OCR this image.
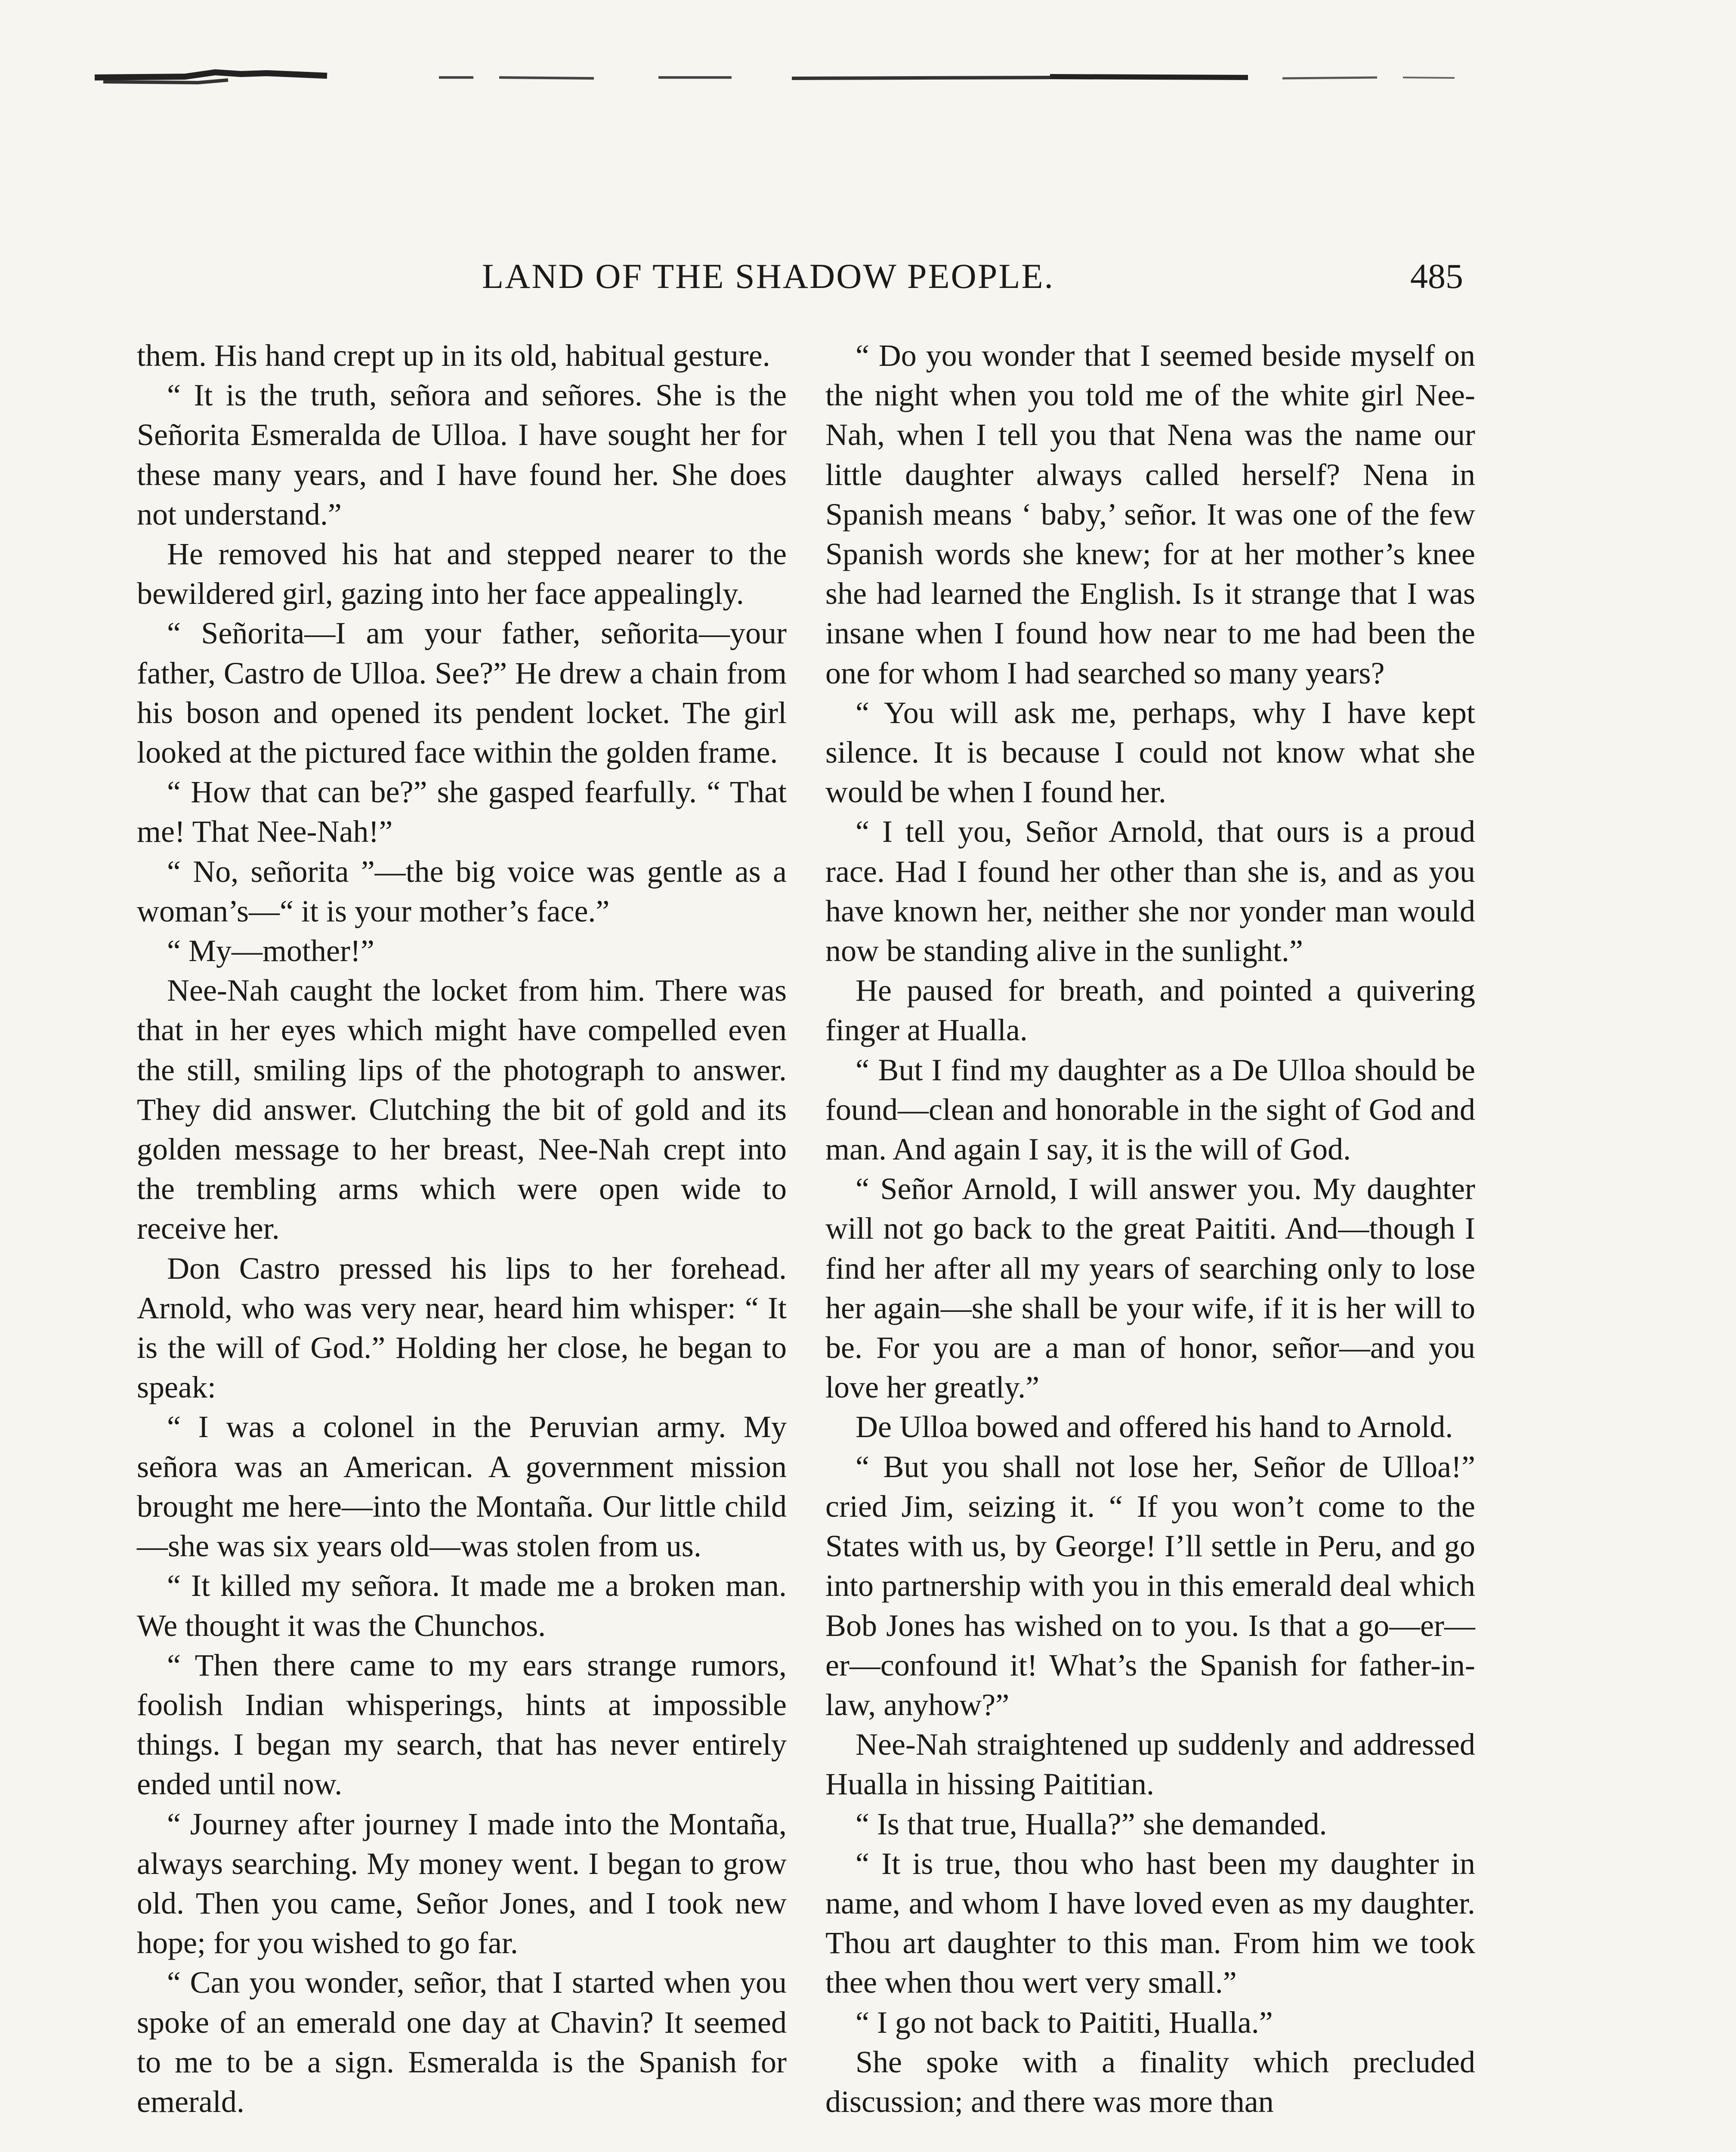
LAND OF THE SHADOW PEOPLE.	485

them. His hand crept up in its old, habitual gesture.

“ It is the truth, señora and señores. She is the Señorita Esmeralda de Ulloa. I have sought her for these many years, and I have found her. She does not understand.”

He removed his hat and stepped nearer to the bewildered girl, gazing into her face appealingly.

“ Señorita—I am your father, señorita—your father, Castro de Ulloa. See?” He drew a chain from his boson and opened its pendent locket. The girl looked at the pictured face within the golden frame.

“ How that can be?” she gasped fearfully. “ That me! That Nee-Nah!”

“ No, señorita ”—the big voice was gentle as a woman’s—“ it is your mother’s face.”

“ My—mother!”

Nee-Nah caught the locket from him. There was that in her eyes which might have compelled even the still, smiling lips of the photograph to answer. They did answer. Clutching the bit of gold and its golden message to her breast, Nee-Nah crept into the trembling arms which were open wide to receive her.

Don Castro pressed his lips to her forehead. Arnold, who was very near, heard him whisper: “ It is the will of God.” Holding her close, he began to speak:

“ I was a colonel in the Peruvian army. My señora was an American. A government mission brought me here—into the Montaña. Our little child—she was six years old—was stolen from us.

“ It killed my señora. It made me a broken man. We thought it was the Chunchos.

“ Then there came to my ears strange rumors, foolish Indian whisperings, hints at impossible things. I began my search, that has never entirely ended until now.

“ Journey after journey I made into the Montaña, always searching. My money went. I began to grow old. Then you came, Señor Jones, and I took new hope; for you wished to go far.

“ Can you wonder, señor, that I started when you spoke of an emerald one day at Chavin? It seemed to me to be a sign. Esmeralda is the Spanish for emerald.

“ Do you wonder that I seemed beside myself on the night when you told me of the white girl Nee-Nah, when I tell you that Nena was the name our little daughter always called herself? Nena in Spanish means ‘ baby,’ señor. It was one of the few Spanish words she knew; for at her mother’s knee she had learned the English. Is it strange that I was insane when I found how near to me had been the one for whom I had searched so many years?

“ You will ask me, perhaps, why I have kept silence. It is because I could not know what she would be when I found her.

“ I tell you, Señor Arnold, that ours is a proud race. Had I found her other than she is, and as you have known her, neither she nor yonder man would now be standing alive in the sunlight.”

He paused for breath, and pointed a quivering finger at Hualla.

“ But I find my daughter as a De Ulloa should be found—clean and honorable in the sight of God and man. And again I say, it is the will of God.

“ Señor Arnold, I will answer you. My daughter will not go back to the great Paititi. And—though I find her after all my years of searching only to lose her again—she shall be your wife, if it is her will to be. For you are a man of honor, señor—and you love her greatly.”

De Ulloa bowed and offered his hand to Arnold.

“ But you shall not lose her, Señor de Ulloa!” cried Jim, seizing it. “ If you won’t come to the States with us, by George! I’ll settle in Peru, and go into partnership with you in this emerald deal which Bob Jones has wished on to you. Is that a go—er—er—confound it! What’s the Spanish for father-in-law, anyhow?”

Nee-Nah straightened up suddenly and addressed Hualla in hissing Paititian.

“ Is that true, Hualla?” she demanded.

“ It is true, thou who hast been my daughter in name, and whom I have loved even as my daughter. Thou art daughter to this man. From him we took thee when thou wert very small.”

“ I go not back to Paititi, Hualla.”

She spoke with a finality which precluded discussion; and there was more than
